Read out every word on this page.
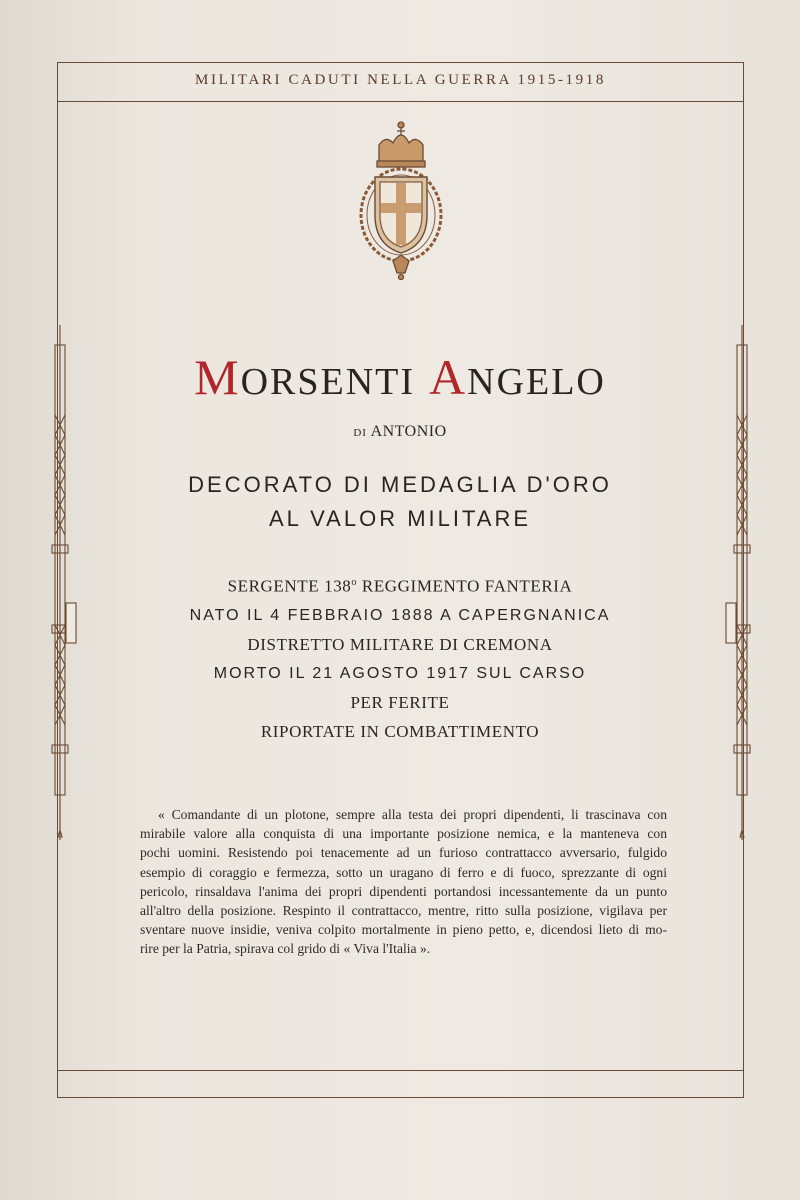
MILITARI CADUTI NELLA GUERRA 1915-1918
MORSENTI ANGELO
DI ANTONIO
DECORATO DI MEDAGLIA D'ORO
AL VALOR MILITARE
SERGENTE 138$^o$ REGGIMENTO FANTERIA
NATO IL 4 FEBBRAIO 1888 A CAPERGNANICA
DISTRETTO MILITARE DI CREMONA
MORTO IL 21 AGOSTO 1917 SUL CARSO
PER FERITE
RIPORTATE IN COMBATTIMENTO
« Comandante di un plotone, sempre alla testa dei propri dipendenti, li trascinava con
mirabile valore alla conquista di una importante posizione nemica, e la manteneva con
pochi uomini. Resistendo poi tenacemente ad un furioso contrattacco avversario, fulgido
esempio di coraggio e fermezza, sotto un uragano di ferro e di fuoco, sprezzante di ogni
pericolo, rinsaldava l'anima dei propri dipendenti portandosi incessantemente da un punto
all'altro della posizione. Respinto il contrattacco, mentre, ritto sulla posizione, vigilava per
sventare nuove insidie, veniva colpito mortalmente in pieno petto, e, dicendosi lieto di mo-
rire per la Patria, spirava col grido di « Viva l'Italia ».
